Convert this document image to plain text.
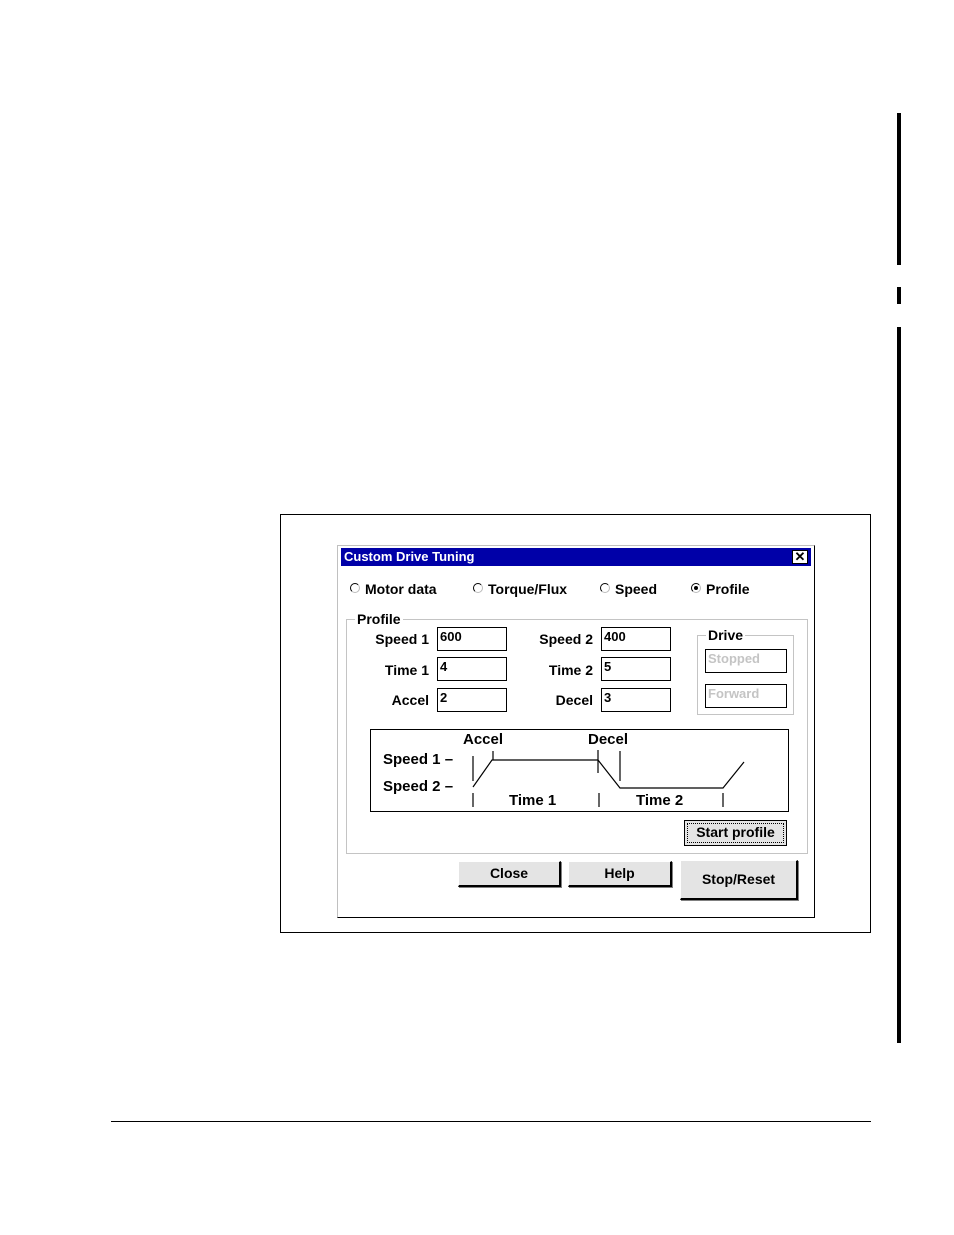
Custom Drive Tuning	✕
Motor data	Torque/Flux	Speed	Profile
Profile
Speed 1 600
Time 1 4
Accel 2
Speed 2 400
Time 2 5
Decel 3
Drive
Stopped
Forward
Accel	Decel
Speed 1 –
Speed 2 –
Time 1	Time 2
Start profile
Close	Help	Stop/Reset
